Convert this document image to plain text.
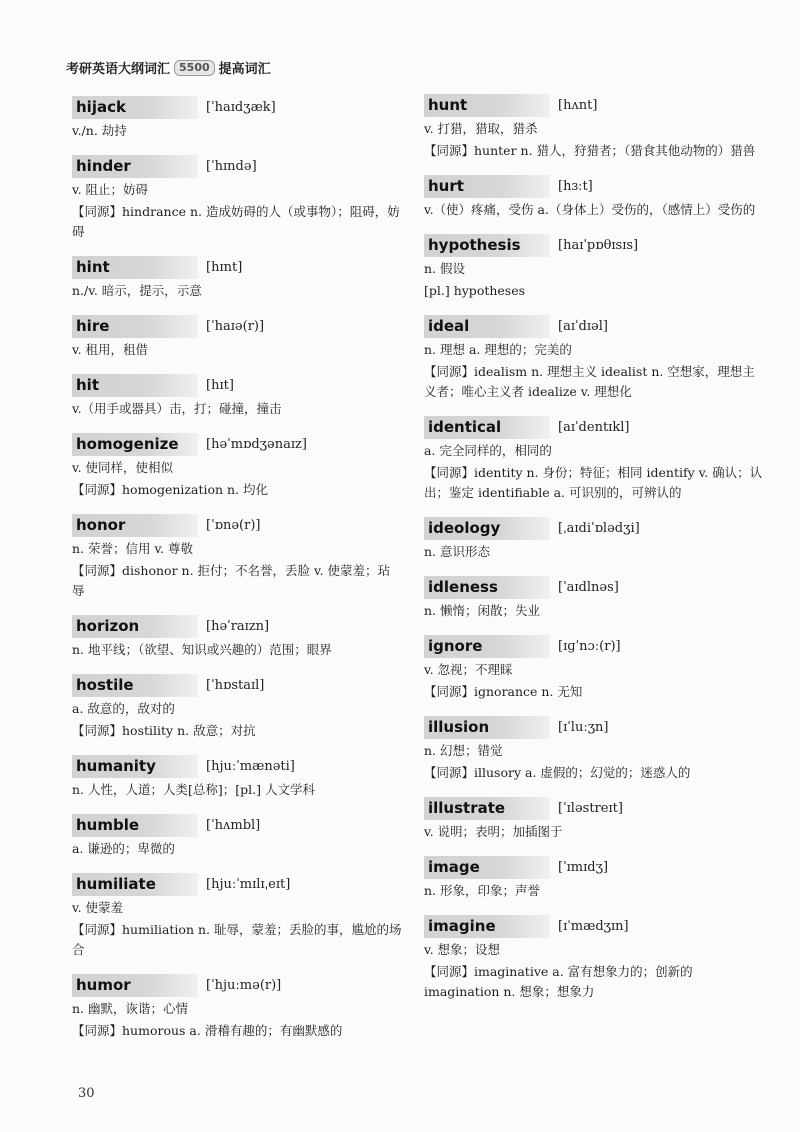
考研英语大纲词汇 5500 提高词汇
hijack	[ˈhaɪdʒæk]
v./n. 劫持
hinder	[ˈhɪndə]
v. 阻止；妨碍
【同源】hindrance n. 造成妨碍的人（或事物）；阻碍，妨碍
hint	[hɪnt]
n./v. 暗示，提示，示意
hire	[ˈhaɪə(r)]
v. 租用，租借
hit	[hɪt]
v.（用手或器具）击，打；碰撞，撞击
homogenize	[həˈmɒdʒənaɪz]
v. 使同样，使相似
【同源】homogenization n. 均化
honor	[ˈɒnə(r)]
n. 荣誉；信用 v. 尊敬
【同源】dishonor n. 拒付；不名誉，丢脸 v. 使蒙羞；玷辱
horizon	[həˈraɪzn]
n. 地平线；（欲望、知识或兴趣的）范围；眼界
hostile	[ˈhɒstaɪl]
a. 敌意的，敌对的
【同源】hostility n. 敌意；对抗
humanity	[hjuːˈmænəti]
n. 人性，人道；人类[总称]；[pl.] 人文学科
humble	[ˈhʌmbl]
a. 谦逊的；卑微的
humiliate	[hjuːˈmɪlɪˌeɪt]
v. 使蒙羞
【同源】humiliation n. 耻辱，蒙羞；丢脸的事，尴尬的场合
humor	[ˈhjuːmə(r)]
n. 幽默，诙谐；心情
【同源】humorous a. 滑稽有趣的；有幽默感的
hunt	[hʌnt]
v. 打猎，猎取，猎杀
【同源】hunter n. 猎人，狩猎者；（猎食其他动物的）猎兽
hurt	[hɜːt]
v.（使）疼痛，受伤 a.（身体上）受伤的，（感情上）受伤的
hypothesis	[haɪˈpɒθɪsɪs]
n. 假设
[pl.] hypotheses
ideal	[aɪˈdɪəl]
n. 理想 a. 理想的；完美的
【同源】idealism n. 理想主义 idealist n. 空想家，理想主义者；唯心主义者 idealize v. 理想化
identical	[aɪˈdentɪkl]
a. 完全同样的，相同的
【同源】identity n. 身份；特征；相同 identify v. 确认；认出；鉴定 identifiable a. 可识别的，可辨认的
ideology	[ˌaɪdiˈɒlədʒi]
n. 意识形态
idleness	[ˈaɪdlnəs]
n. 懒惰；闲散；失业
ignore	[ɪɡˈnɔː(r)]
v. 忽视；不理睬
【同源】ignorance n. 无知
illusion	[ɪˈluːʒn]
n. 幻想；错觉
【同源】illusory a. 虚假的；幻觉的；迷惑人的
illustrate	[ˈɪləstreɪt]
v. 说明；表明；加插图于
image	[ˈɪmɪdʒ]
n. 形象，印象；声誉
imagine	[ɪˈmædʒɪn]
v. 想象；设想
【同源】imaginative a. 富有想象力的；创新的 imagination n. 想象；想象力
30
